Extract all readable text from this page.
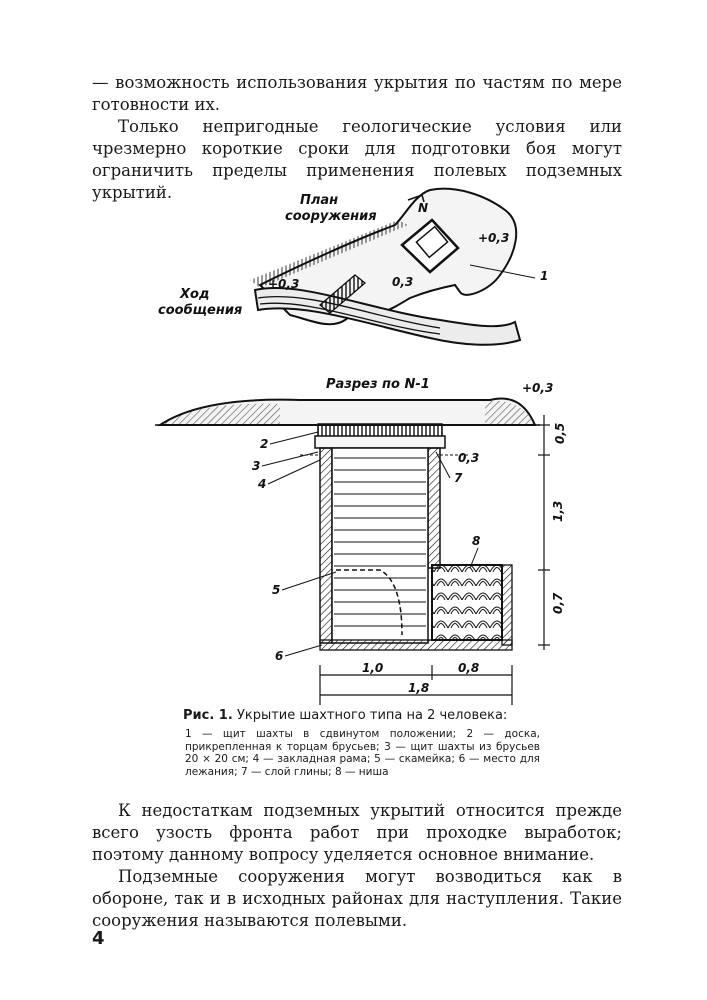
— возможность использования укрытия по частям по мере готовности их.

Только непригодные геологические условия или чрезмерно короткие сроки для подготовки боя могут ограничить пределы применения полевых подземных укрытий.	План
сооружения
Ход
сообщения
+0,3
+0,3
0,3	1
N
Разрез по N-1	+0,3
0,5
0,3
1,3
0,7
1,0	0,8
1,8
2
3
4
5
6
7
8
Рис. 1. Укрытие шахтного типа на 2 человека:
1 — щит шахты в сдвинутом положении; 2 — доска, прикрепленная к торцам брусьев; 3 — щит шахты из брусьев 20 × 20 см; 4 — закладная рама; 5 — скамейка; 6 — место для лежания; 7 — слой глины; 8 — ниша

К недостаткам подземных укрытий относится прежде всего узость фронта работ при проходке выработок; поэтому данному вопросу уделяется основное внимание.

Подземные сооружения могут возводиться как в обороне, так и в исходных районах для наступления. Такие сооружения называются полевыми.

4
